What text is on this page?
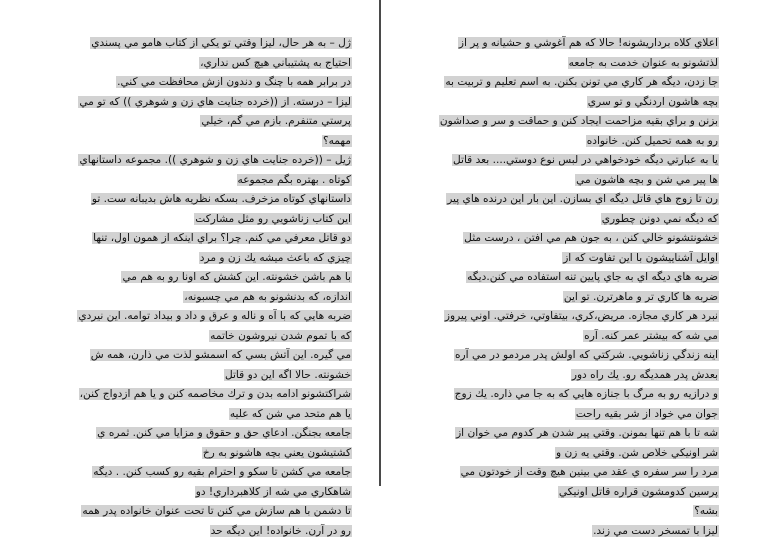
ژل – به هر حال، ليزا وقتي تو يكي از كتاب هامو مي پسندي
احتياج به پشتيباني هيچ كس نداري،
در برابر همه با چنگ و دندون ازش محافظت مي كني.
ليزا – درسته. از ((خرده جنايت هاي زن و شوهري )) كه تو مي
پرستي متنفرم. بازم مي گم، خيلي
مهمه؟
ژيل – ((خرده جنايت هاي زن و شوهري )). مجموعه داستانهاي
كوتاه . بهتره بگم مجموعه
داستانهاي كوتاه مزخرف. بسكه نظريه هاش بديبانه ست. تو
اين كتاب زناشويي رو مثل مشاركت
دو قاتل معرفي مي كنم. چرا؟ براي اينكه از همون اول، تنها
چيزي كه باعث ميشه يك زن و مرد
با هم باشن خشونته. اين كشش كه اونا رو به هم مي
اندازه، كه بدنشونو به هم مي چسبونه،
ضربه هايي كه با آه و ناله و عرق و داد و بيداد توامه. اين نيردي
كه با تموم شدن نيروشون خاتمه
مي گيره. اين آتش بسي كه اسمشو لذت مي ذارن، همه ش
خشونته. حالا اگه اين دو قاتل
شراكتشونو ادامه بدن و ترك مخاصمه كنن و يا هم ازدواج كنن،
يا هم متحد مي شن كه عليه
جامعه بجنگن. ادعاي حق و حقوق و مزايا مي كنن. ثمره ي
كشتيشون يعني بچه هاشونو به رخ
جامعه مي كشن تا سكو و احترام بقيه رو كسب كنن. . ديگه
شاهكاري مي شه از كلاهبرداري! دو
تا دشمن با هم سازش مي كنن تا تحت عنوان خانواده پدر همه
رو در آرن. خانواده! اين ديگه حد
اعلاي كلاه برداريشونه! حالا كه هم آغوشي و حشيانه و پر از
لذتشونو به عنوان خدمت به جامعه
جا زدن، ديگه هر كاري مي تونن بكنن. به اسم تعليم و تربيت به
بچه هاشون اردنگي و تو سري
بزنن و براي بقيه مزاحمت ايجاد كنن و حماقت و سر و صداشون
رو به همه تحميل كنن. خانواده
يا به عبارتي ديگه خودخواهي در لبس نوع دوستي.... بعد قاتل
ها پير مي شن و بچه هاشون مي
رن تا زوج هاي قاتل ديگه اي بسازن. اين بار اين درنده هاي پير
كه ديگه نمي دونن چطوري
خشونتشونو خالي كنن ، به جون هم مي افتن ، درست مثل
اوايل آشناييشون با اين تفاوت كه از
ضربه هاي ديگه اي به جاي پايين تنه استفاده مي كنن.ديگه
ضربه ها كاري تر و ماهرترن. تو اين
نبرد هر كاري مجازه. مريض،كري، بيتفاوتي، خرفتي. اوني پيروز
مي شه كه بيشتر عمر كنه. آره
اينه زندگي زناشويي. شركتي كه اولش پدر مردمو در مي آره
بعدش پدر همديگه رو. يك راه دور
و درازيه رو به مرگ با جنازه هايي كه به جا مي ذاره. يك زوج
جوان مي خواد از شر بقيه راحت
شه تا با هم تنها بمونن. وقتي پير شدن هر كدوم مي خوان از
شر اونيكي خلاص شن. وقتي يه زن و
مرد را سر سفره ي عقد مي بينين هيچ وقت از خودتون مي
پرسين كدومشون قراره قاتل اونيكي
بشه؟
ليزا با تمسخر دست مي زند.
